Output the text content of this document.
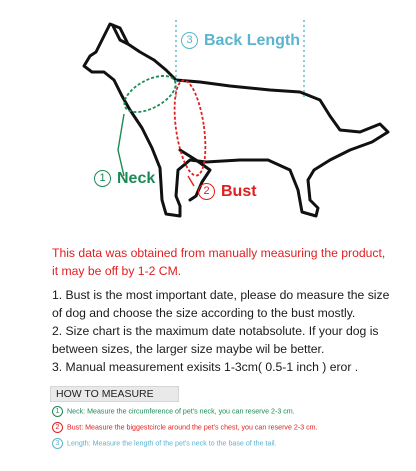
3 Back Length
1 Neck
2 Bust
This data was obtained from manually measuring the product, it may be off by 1-2 CM.

1. Bust is the most important date, please do measure the size of dog and choose the size according to the bust mostly.

2. Size chart is the maximum date notabsolute. If your dog is between sizes, the larger size maybe wil be better.

3. Manual measurement exisits 1-3cm( 0.5-1 inch ) eror .

HOW TO MEASURE
1 Neck: Measure the circumference of pet's neck, you can reserve 2-3 cm.
2 Bust: Measure the biggestcircle around the pet's chest, you can reserve 2-3 cm.
3 Length: Measure the length of the pet's neck to the base of the tail.
